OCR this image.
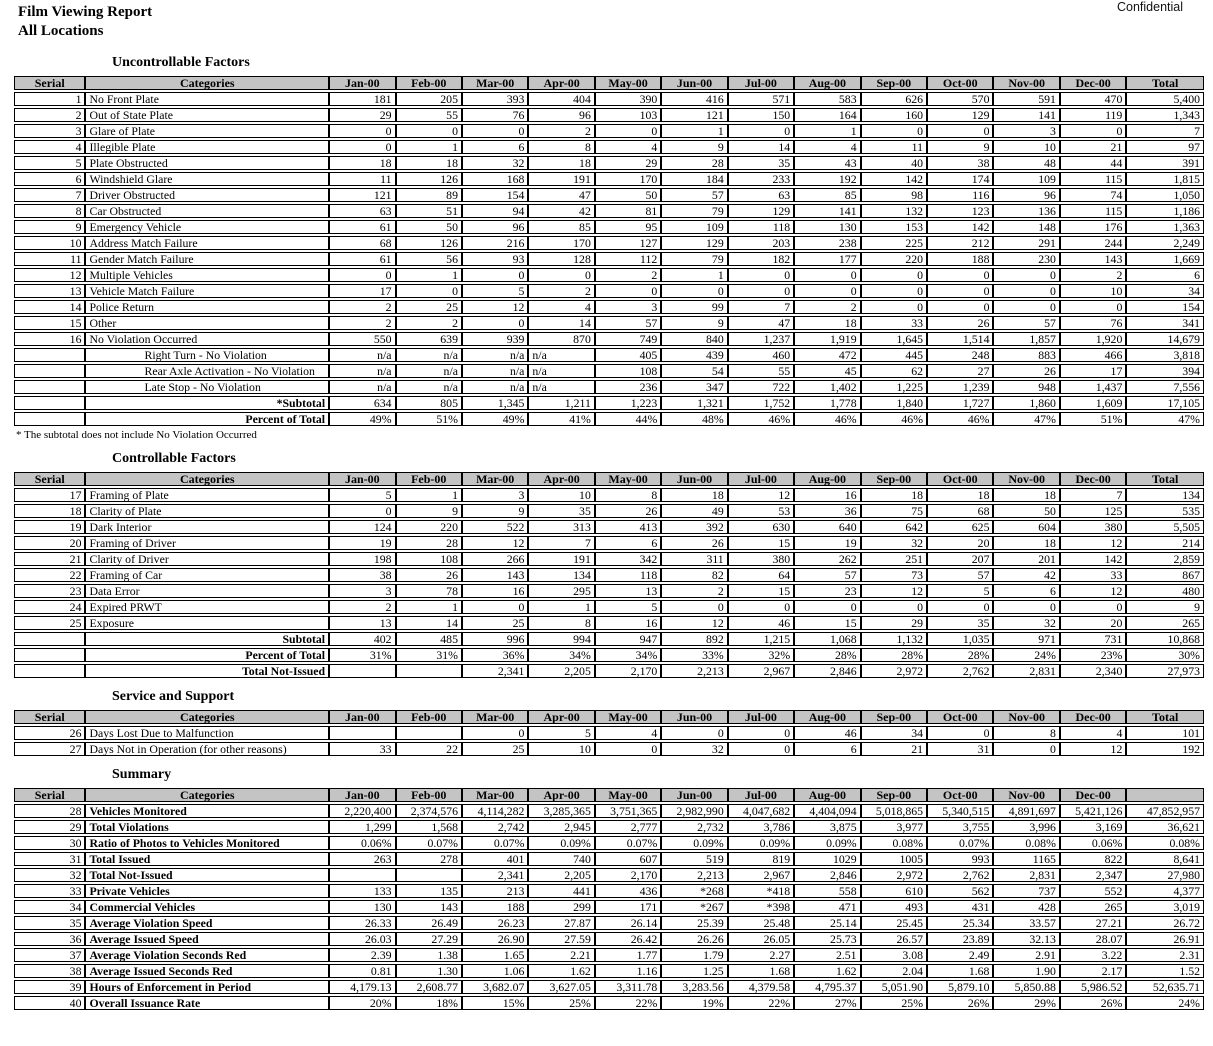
Film Viewing Report
All Locations
Confidential
Uncontrollable Factors
Serial	Categories	Jan-00	Feb-00	Mar-00	Apr-00	May-00	Jun-00	Jul-00	Aug-00	Sep-00	Oct-00	Nov-00	Dec-00	Total
1	No Front Plate	181	205	393	404	390	416	571	583	626	570	591	470	5,400
2	Out of State Plate	29	55	76	96	103	121	150	164	160	129	141	119	1,343
3	Glare of Plate	0	0	0	2	0	1	0	1	0	0	3	0	7
4	Illegible Plate	0	1	6	8	4	9	14	4	11	9	10	21	97
5	Plate Obstructed	18	18	32	18	29	28	35	43	40	38	48	44	391
6	Windshield Glare	11	126	168	191	170	184	233	192	142	174	109	115	1,815
7	Driver Obstructed	121	89	154	47	50	57	63	85	98	116	96	74	1,050
8	Car Obstructed	63	51	94	42	81	79	129	141	132	123	136	115	1,186
9	Emergency Vehicle	61	50	96	85	95	109	118	130	153	142	148	176	1,363
10	Address Match Failure	68	126	216	170	127	129	203	238	225	212	291	244	2,249
11	Gender Match Failure	61	56	93	128	112	79	182	177	220	188	230	143	1,669
12	Multiple Vehicles	0	1	0	0	2	1	0	0	0	0	0	2	6
13	Vehicle Match Failure	17	0	5	2	0	0	0	0	0	0	0	10	34
14	Police Return	2	25	12	4	3	99	7	2	0	0	0	0	154
15	Other	2	2	0	14	57	9	47	18	33	26	57	76	341
16	No Violation Occurred	550	639	939	870	749	840	1,237	1,919	1,645	1,514	1,857	1,920	14,679
	Right Turn - No Violation	n/a	n/a	n/a	n/a	405	439	460	472	445	248	883	466	3,818
	Rear Axle Activation - No Violation	n/a	n/a	n/a	n/a	108	54	55	45	62	27	26	17	394
	Late Stop - No Violation	n/a	n/a	n/a	n/a	236	347	722	1,402	1,225	1,239	948	1,437	7,556
	*Subtotal	634	805	1,345	1,211	1,223	1,321	1,752	1,778	1,840	1,727	1,860	1,609	17,105
	Percent of Total	49%	51%	49%	41%	44%	48%	46%	46%	46%	46%	47%	51%	47%
* The subtotal does not include No Violation Occurred
Controllable Factors
Serial	Categories	Jan-00	Feb-00	Mar-00	Apr-00	May-00	Jun-00	Jul-00	Aug-00	Sep-00	Oct-00	Nov-00	Dec-00	Total
17	Framing of Plate	5	1	3	10	8	18	12	16	18	18	18	7	134
18	Clarity of Plate	0	9	9	35	26	49	53	36	75	68	50	125	535
19	Dark Interior	124	220	522	313	413	392	630	640	642	625	604	380	5,505
20	Framing of Driver	19	28	12	7	6	26	15	19	32	20	18	12	214
21	Clarity of Driver	198	108	266	191	342	311	380	262	251	207	201	142	2,859
22	Framing of Car	38	26	143	134	118	82	64	57	73	57	42	33	867
23	Data Error	3	78	16	295	13	2	15	23	12	5	6	12	480
24	Expired PRWT	2	1	0	1	5	0	0	0	0	0	0	0	9
25	Exposure	13	14	25	8	16	12	46	15	29	35	32	20	265
	Subtotal	402	485	996	994	947	892	1,215	1,068	1,132	1,035	971	731	10,868
	Percent of Total	31%	31%	36%	34%	34%	33%	32%	28%	28%	28%	24%	23%	30%
	Total Not-Issued			2,341	2,205	2,170	2,213	2,967	2,846	2,972	2,762	2,831	2,340	27,973
Service and Support
Serial	Categories	Jan-00	Feb-00	Mar-00	Apr-00	May-00	Jun-00	Jul-00	Aug-00	Sep-00	Oct-00	Nov-00	Dec-00	Total
26	Days Lost Due to Malfunction			0	5	4	0	0	46	34	0	8	4	101
27	Days Not in Operation (for other reasons)	33	22	25	10	0	32	0	6	21	31	0	12	192
Summary
Serial	Categories	Jan-00	Feb-00	Mar-00	Apr-00	May-00	Jun-00	Jul-00	Aug-00	Sep-00	Oct-00	Nov-00	Dec-00	
28	Vehicles Monitored	2,220,400	2,374,576	4,114,282	3,285,365	3,751,365	2,982,990	4,047,682	4,404,094	5,018,865	5,340,515	4,891,697	5,421,126	47,852,957
29	Total Violations	1,299	1,568	2,742	2,945	2,777	2,732	3,786	3,875	3,977	3,755	3,996	3,169	36,621
30	Ratio of Photos to Vehicles Monitored	0.06%	0.07%	0.07%	0.09%	0.07%	0.09%	0.09%	0.09%	0.08%	0.07%	0.08%	0.06%	0.08%
31	Total Issued	263	278	401	740	607	519	819	1029	1005	993	1165	822	8,641
32	Total Not-Issued			2,341	2,205	2,170	2,213	2,967	2,846	2,972	2,762	2,831	2,347	27,980
33	Private Vehicles	133	135	213	441	436	*268	*418	558	610	562	737	552	4,377
34	Commercial Vehicles	130	143	188	299	171	*267	*398	471	493	431	428	265	3,019
35	Average Violation Speed	26.33	26.49	26.23	27.87	26.14	25.39	25.48	25.14	25.45	25.34	33.57	27.21	26.72
36	Average Issued Speed	26.03	27.29	26.90	27.59	26.42	26.26	26.05	25.73	26.57	23.89	32.13	28.07	26.91
37	Average Violation Seconds Red	2.39	1.38	1.65	2.21	1.77	1.79	2.27	2.51	3.08	2.49	2.91	3.22	2.31
38	Average Issued Seconds Red	0.81	1.30	1.06	1.62	1.16	1.25	1.68	1.62	2.04	1.68	1.90	2.17	1.52
39	Hours of Enforcement in Period	4,179.13	2,608.77	3,682.07	3,627.05	3,311.78	3,283.56	4,379.58	4,795.37	5,051.90	5,879.10	5,850.88	5,986.52	52,635.71
40	Overall Issuance Rate	20%	18%	15%	25%	22%	19%	22%	27%	25%	26%	29%	26%	24%
